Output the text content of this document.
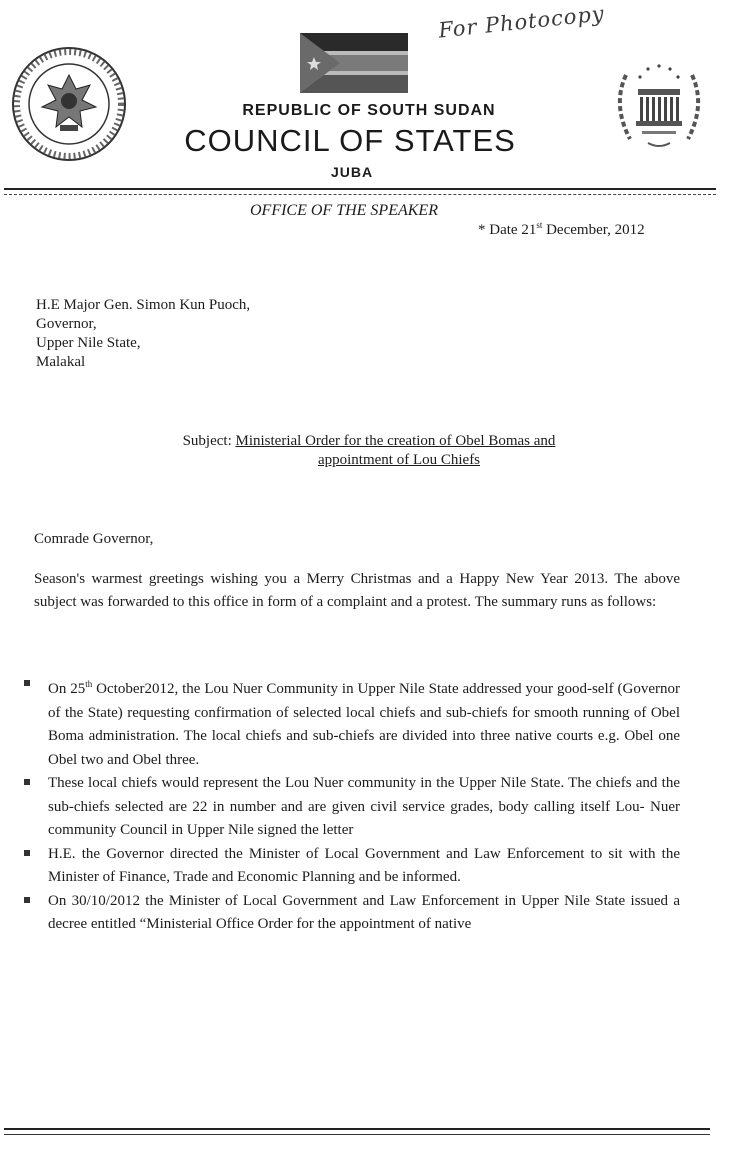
For Photocopy
REPUBLIC OF SOUTH SUDAN
COUNCIL OF STATES
JUBA
OFFICE OF THE SPEAKER
* Date 21st December, 2012
H.E Major Gen. Simon Kun Puoch,
Governor,
Upper Nile State,
Malakal
Subject: Ministerial Order for the creation of Obel Bomas and
appointment of Lou Chiefs
Comrade Governor,
Season's warmest greetings wishing you a Merry Christmas and a Happy New Year 2013. The above subject was forwarded to this office in form of a complaint and a protest. The summary runs as follows:
On 25th October2012, the Lou Nuer Community in Upper Nile State addressed your good-self (Governor of the State) requesting confirmation of selected local chiefs and sub-chiefs for smooth running of Obel Boma administration. The local chiefs and sub-chiefs are divided into three native courts e.g. Obel one Obel two and Obel three.
These local chiefs would represent the Lou Nuer community in the Upper Nile State. The chiefs and the sub-chiefs selected are 22 in number and are given civil service grades, body calling itself Lou- Nuer community Council in Upper Nile signed the letter
H.E. the Governor directed the Minister of Local Government and Law Enforcement to sit with the Minister of Finance, Trade and Economic Planning and be informed.
On 30/10/2012 the Minister of Local Government and Law Enforcement in Upper Nile State issued a decree entitled “Ministerial Office Order for the appointment of native
